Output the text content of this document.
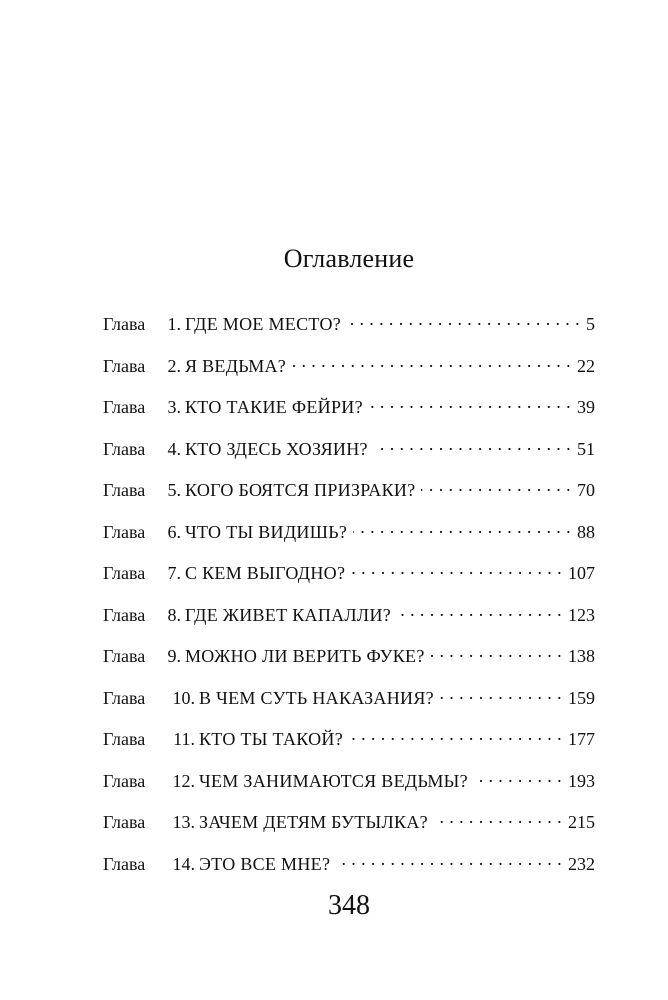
Оглавление
Глава	1. ГДЕ МОЕ МЕСТО? . . .	5
Глава	2. Я ВЕДЬМА? . . .	22
Глава	3. КТО ТАКИЕ ФЕЙРИ? . . .	39
Глава	4. КТО ЗДЕСЬ ХОЗЯИН? . . .	51
Глава	5. КОГО БОЯТСЯ ПРИЗРАКИ? . . .	70
Глава	6. ЧТО ТЫ ВИДИШЬ? . . .	88
Глава	7. С КЕМ ВЫГОДНО? . . .	107
Глава	8. ГДЕ ЖИВЕТ КАПАЛЛИ? . . .	123
Глава	9. МОЖНО ЛИ ВЕРИТЬ ФУКЕ? . . .	138
Глава	10. В ЧЕМ СУТЬ НАКАЗАНИЯ? . . .	159
Глава	11. КТО ТЫ ТАКОЙ? . . .	177
Глава	12. ЧЕМ ЗАНИМАЮТСЯ ВЕДЬМЫ? . . .	193
Глава	13. ЗАЧЕМ ДЕТЯМ БУТЫЛКА? . . .	215
Глава	14. ЭТО ВСЕ МНЕ? . . .	232
348
